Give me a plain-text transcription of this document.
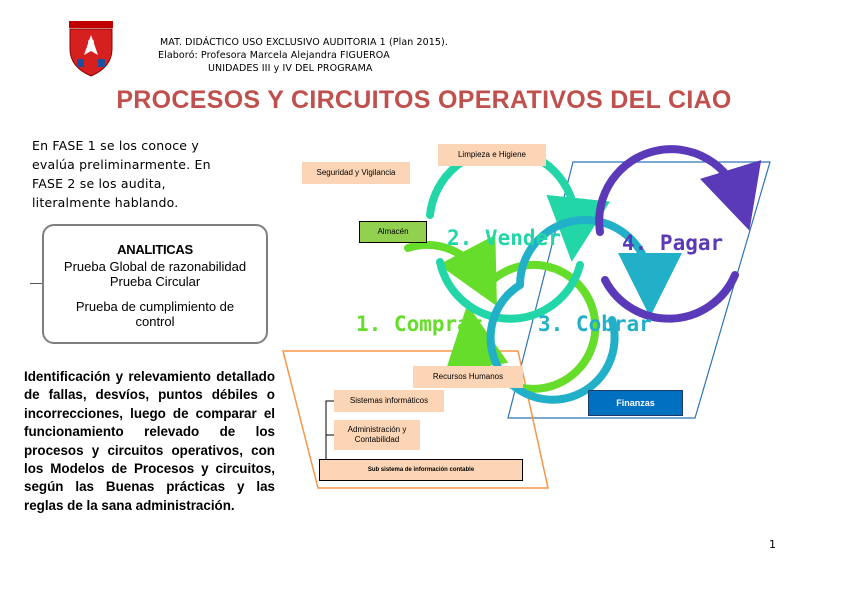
MAT. DIDÁCTICO USO EXCLUSIVO AUDITORIA 1 (Plan 2015).
Elaboró: Profesora Marcela Alejandra FIGUEROA
UNIDADES III y IV DEL PROGRAMA
PROCESOS Y CIRCUITOS OPERATIVOS DEL CIAO
En FASE 1 se los conoce y evalúa preliminarmente. En FASE 2 se los audita, literalmente hablando.
ANALITICAS
Prueba Global de razonabilidad
Prueba Circular
Prueba de cumplimiento de control
Identificación y relevamiento detallado de fallas, desvíos, puntos débiles o incorrecciones, luego de comparar el funcionamiento relevado de los procesos y circuitos operativos, con los Modelos de Procesos y circuitos, según las Buenas prácticas y las reglas de la sana administración.
1. Comprar
2. Vender
3. Cobrar
4. Pagar
Seguridad y Vigilancia
Limpieza e Higiene
Almacén
Recursos Humanos
Sistemas informáticos
Administración y Contabilidad
Sub sistema de información contable
Finanzas
1
